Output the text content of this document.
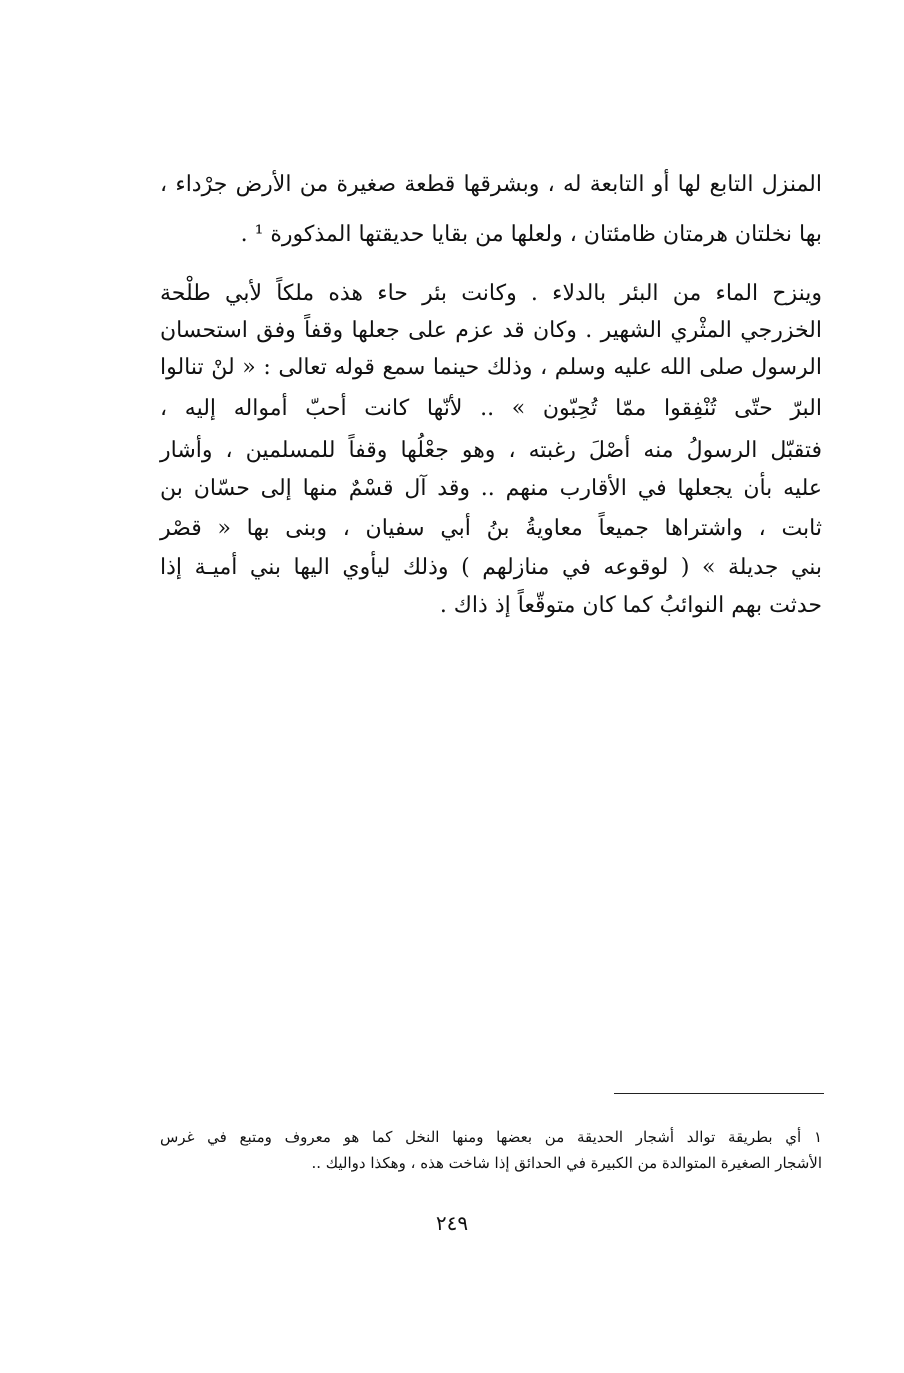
المنزل التابع لها أو التابعة له ، وبشرقها قطعة صغيرة من الأرض جرْداء ،
بها نخلتان هرمتان ظامئتان ، ولعلها من بقايا حديقتها المذكورة ¹ .
وينزح الماء من البئر بالدلاء . وكانت بئر حاء هذه ملكاً لأبي طلْحة
الخزرجي المثْري الشهير . وكان قد عزم على جعلها وقفاً وفق استحسان
الرسول صلى الله عليه وسلم ، وذلك حينما سمع قوله تعالى : « لنْ تنالوا
البرّ حتّى تُنْفِقوا ممّا تُحِبّون » .. لأنّها كانت أحبّ أمواله إليه ،
فتقبّل الرسولُ منه أصْلَ رغبته ، وهو جعْلُها وقفاً للمسلمين ، وأشار
عليه بأن يجعلها في الأقارب منهم .. وقد آل قسْمٌ منها إلى حسّان بن
ثابت ، واشتراها جميعاً معاويةُ بنُ أبي سفيان ، وبنى بها « قصْر
بني جديلة » ( لوقوعه في منازلهم ) وذلك ليأوي اليها بني أميـة إذا
حدثت بهم النوائبُ كما كان متوقّعاً إذ ذاك .
١ أي بطريقة توالد أشجار الحديقة من بعضها ومنها النخل كما هو معروف ومتبع في غرس
الأشجار الصغيرة المتوالدة من الكبيرة في الحدائق إذا شاخت هذه ، وهكذا دواليك ..
٢٤٩
